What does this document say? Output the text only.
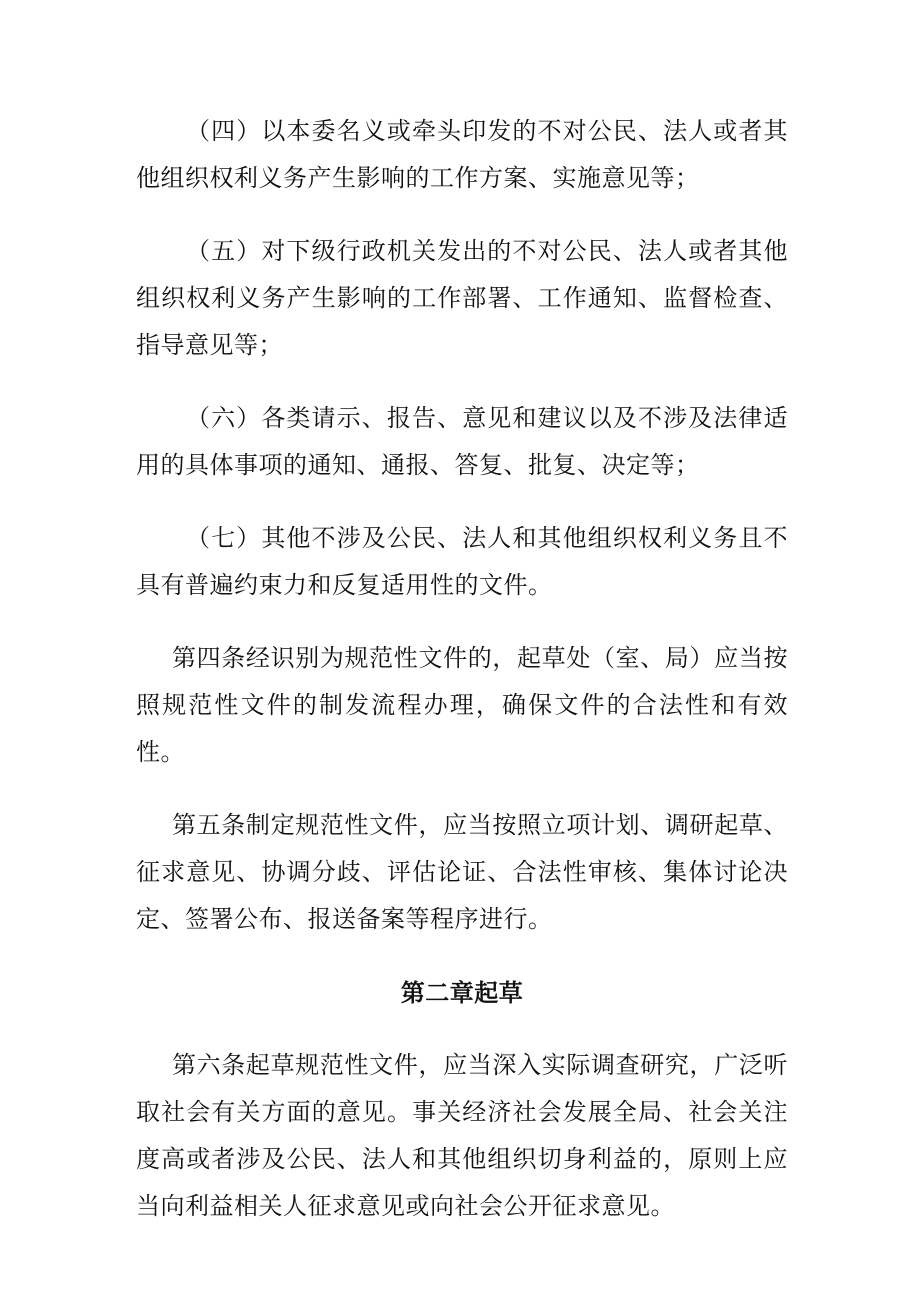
（四）以本委名义或牵头印发的不对公民、法人或者其他组织权利义务产生影响的工作方案、实施意见等；

（五）对下级行政机关发出的不对公民、法人或者其他组织权利义务产生影响的工作部署、工作通知、监督检查、指导意见等；

（六）各类请示、报告、意见和建议以及不涉及法律适用的具体事项的通知、通报、答复、批复、决定等；

（七）其他不涉及公民、法人和其他组织权利义务且不具有普遍约束力和反复适用性的文件。

第四条经识别为规范性文件的，起草处（室、局）应当按照规范性文件的制发流程办理，确保文件的合法性和有效性。

第五条制定规范性文件，应当按照立项计划、调研起草、征求意见、协调分歧、评估论证、合法性审核、集体讨论决定、签署公布、报送备案等程序进行。

第二章起草

第六条起草规范性文件，应当深入实际调查研究，广泛听取社会有关方面的意见。事关经济社会发展全局、社会关注度高或者涉及公民、法人和其他组织切身利益的，原则上应当向利益相关人征求意见或向社会公开征求意见。
